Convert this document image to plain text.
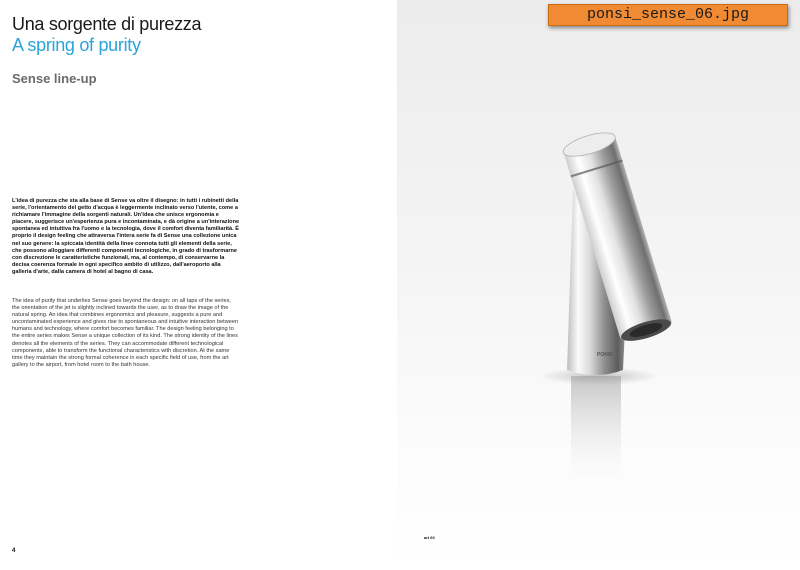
Una sorgente di purezza
A spring of purity
Sense line-up
L'idea di purezza che sta alla base di Sense va oltre il disegno: in tutti i rubinetti della serie, l'orientamento del getto d'acqua è leggermente inclinato verso l'utente, come a richiamare l'immagine della sorgenti naturali. Un'idea che unisce ergonomia e piacere, suggerisce un'esperienza pura e incontaminata, e dà origine a un'interazione spontanea ed intuitiva fra l'uomo e la tecnologia, dove il comfort diventa familiarità. È proprio il design feeling che attraversa l'intera serie fa di Sense una collezione unica nel suo genere: la spiccata identità della linee connota tutti gli elementi della serie, che possono alloggiare differenti componenti tecnologiche, in grado di trasformarne con discrezione le caratteristiche funzionali, ma, al contempo, di conservarne la decisa coerenza formale in ogni specifico ambito di utilizzo, dall'aeroporto alla galleria d'arte, dalla camera di hotel al bagno di casa.
The idea of purity that underlies Sense goes beyond the design: on all taps of the series, the orientation of the jet is slightly inclined towards the user, as to draw the image of the natural spring. An idea that combines ergonomics and pleasure, suggests a pure and uncontaminated experience and gives rise to spontaneous and intuitive interaction between humans and technology, where comfort becomes familiar. The design feeling belonging to the entire series makes Sense a unique collection of its kind. The strong identity of the lines denotes all the elements of the series. They can accommodate different technological components, able to transform the functional characteristics with discretion. At the same time they maintain the strong formal coherence in each specific field of use, from the art gallery to the airport, from hotel room to the bath house.
4
PONSI
art 60
ponsi_sense_06.jpg
